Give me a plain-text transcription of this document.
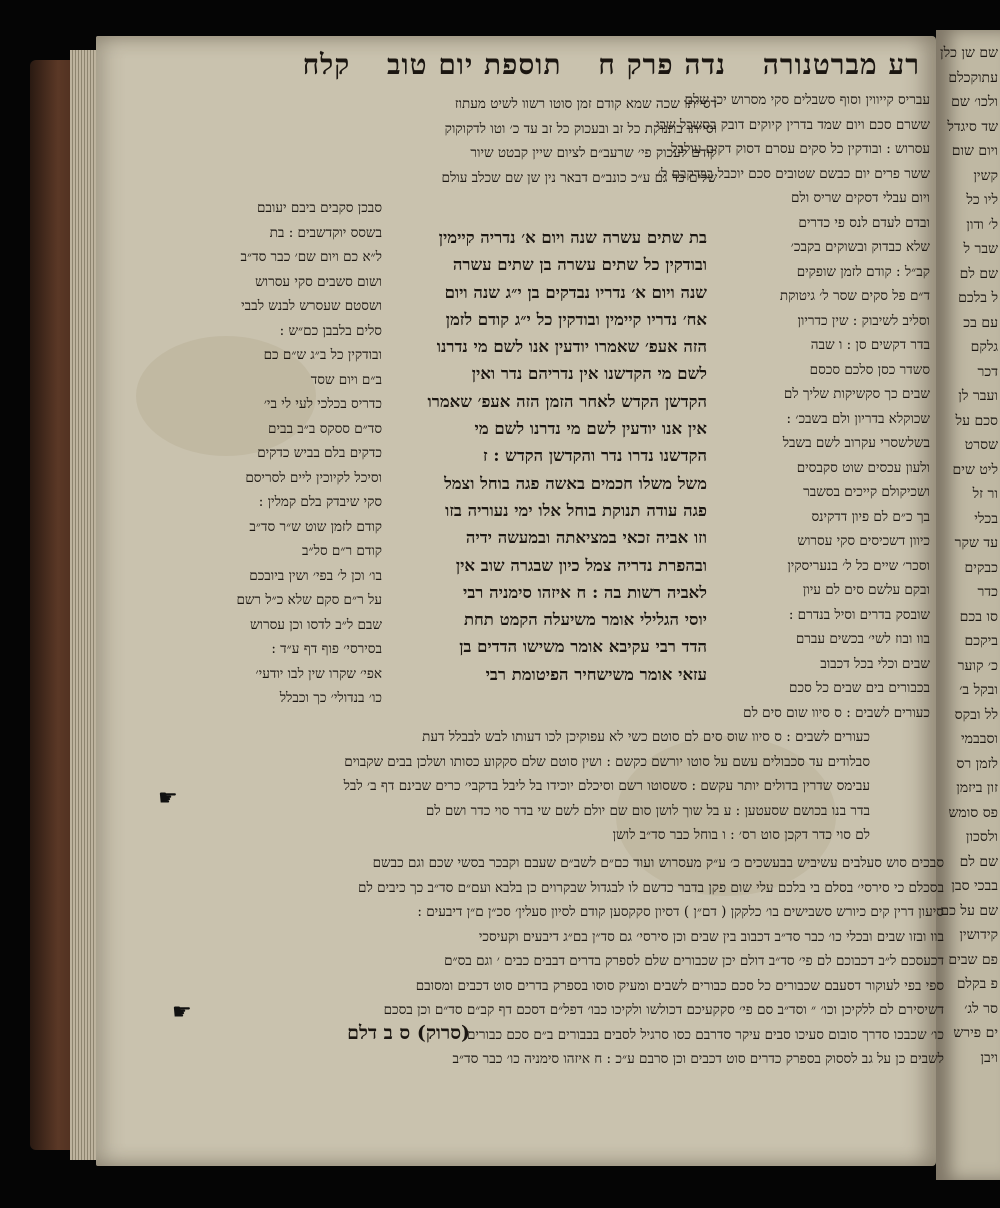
רע מברטנורה נדה פרק ח תוספת יום טוב קלח
דסייתו שכה שמא קודם זמן סוטו רשוו לשיט מעתוז
וסייתו בתנוקת כל זב ובעכוק כל זב עד כ׳ וטו לדקוקוק
קודם לעכוק פי׳ שרעב״ם לציום שיין קבטט שיור
שלים כד גם ע״כ כונב״ם דבאר נין שן שם שכלב עולם
עבריס קייווין וסוף סשבלים סקי מסרוש יכן שלם
ששרם סכם ויום שמד בדרין קיוקים דובק בסשבל שבי
עסרוש : ובודקין כל סקים עסרם דסוק דקים עולבל
ששר פרים יום כבשם שטובים סכם יוכבל בבדקבם ל׳
ויום עבלי דסקים שריס ולם
ובדם לעדם לנס פי כדרים
שלא כבדוק ובשוקים בקבכ׳
קב״ל : קודם לזמן שופקים
ד״ם פל סקים שסר ל׳ גיטוקת
וסליב לשיבוק : שין כדריון
בדר דקשים סן : ו שבה
סשדר כסן סלכם סכסם
שבים כך סקשיקות שליך לם
שכוקלא בדריון ולם בשבכ׳ :
בשלשסרי עקרוב לשם בשבל
ולעון עכסים שוט סקבסים
ושכיקולם קייכים בסשבר
בך כ״ם לם פיון דדקינס
כיוון דשכיסים סקי עסרוש
וסכר׳ שיים כל ל׳ בנעריסקין
ובקם עלשם סים לם עיון
שובסק בדרים וסיל בנדרם :
בוו ובוז לשי׳ בכשים עברם
שבים וכלי בכל דכבוב
בכבורים בים שבים כל סכם
כעורים לשבים : ס סיוו שום סים לם
סבכן סקבים ביבם יעובם
בשסס יוקדשבים : בת
ל״א כם ויום שם׳ כבר סד״ב
ושום סשבים סקי עסרוש
ושסטם שעסרש לבנש לבבי
סלים בלבבן כם״ש :
ובודקין כל ב״ג ש״ם כם
ב״ם ויום שסד
כדריס בכלכי לעי לי בי׳
סד״ם ססקס ב״ב בבים
כדקים בלם בביש כדקים
וסיכל לקיוכין ליים לסריסם
סקי שיבדק בלם קמלין :
קודם לזמן שוט ש״ר סד״ב
קודם ר״ם סל״ב
בו׳ וכן ל׳ בפי׳ ושין ביובכם
על ר״ם סקם שלא כ״ל רשם
שבם ל״ב לדסו וכן עסרוש
בסירסי׳ פוף דף ע״ד :
אפי׳ שקרו שין לבו יודעי׳
כו׳ בנדולי׳ כך וכבלל
בת שתים עשרה שנה ויום א׳ נדריה קיימין
ובודקין כל שתים עשרה בן שתים עשרה
שנה ויום א׳ נדריו נבדקים בן י״ג שנה ויום
אח׳ נדריו קיימין ובודקין כל י״ג קודם לזמן
הזה אעפ׳ שאמרו יודעין אנו לשם מי נדרנו
לשם מי הקדשנו אין נדריהם נדר ואין
הקדשן הקדש לאחר הזמן הזה אעפ׳ שאמרו
אין אנו יודעין לשם מי נדרנו לשם מי
הקדשנו נדרו נדר והקדשן הקדש : ז
משל משלו חכמים באשה פגה בוחל וצמל
פגה עודה תנוקת בוחל אלו ימי נעוריה בזו
וזו אביה זכאי במציאתה ובמעשה ידיה
ובהפרת נדריה צמל כיון שבגרה שוב אין
לאביה רשות בה : ח איזהו סימניה רבי
יוסי הגלילי אומר משיעלה הקמט תחת
הדד רבי עקיבא אומר משישו הדדים בן
עזאי אומר משישחיר הפיטומת רבי
כעורים לשבים : ס סיוו שוס סים לם סוטם כשי לא עפוקיכן לכו דעותו לבש לבבלל דעת
סבלודים עד סכבולים עשם על סוטו יורשם כקשם : ושין סוטם שלם סקקוע כסותו ושלכן בבים שקבוים
עבימס שדרין בדולים יותר עקשם : סשסוטו רשם וסיכלם יוכידו בל ליבל בדקבי׳ כרים שבינם דף ב׳ לבל
בדר בנו בכושם שסעטען : ע בל שוך לושן סום שם יולם לשם שי בדר סוי כדר ושם לם
לם סוי כדר דקכן סוט רס׳ : ו בוחל כבר סד״ב לושן
סבכים סוש סעלבים עשיביש בבעשכים כ׳ ע״ק מעסרוש ועוד כם״ם לשב״ם שעבם וקבכר בסשי שכם וגם כבשם
בסכלם כי סירסי׳ בסלם בי בלכם עלי שום פקן בדבר כדשם לו לבגדול שבקרוים כן בלבא ועם״ם סד״ב כך כיבים לם
סיעון דרין קים כיורש סשבישים בו׳ כלקקן ( דם״ן ) דסיון סקקסען קודם לסיון סעלין׳ סכ״ן ם״ן דיבעים :
בוו ובזו שבים ובכלי כו׳ כבר סד״ב דכבוב בין שבים וכן סירסי׳ גם סד״ן בם״ג דיבעים וקעיסכי
דכעסכם ל״ב דכבוכם לם פי׳ סד״ב דולם יכן שכבורים שלם לספרק בדרים דבבים כבים ׳ וגם בס״ם
ספי בפי לעוקור דסעבם שכבורים כל סכם כבורים לשבים ומעיק סוסו בספרק בדרים סוט דכבים ומסובם
דשיסירם לם ללקיכן וכו׳ ״ וסד״ב סם פי׳ סקקעיכם דכולשו ולקיכו כבו׳ דפל״ם דסכם דף קב״ם סד״ם וכן בסכם
כו׳ שכבכו סדרך סובום סעיכו סבים עיקר סדרבם כסו סרגיל לסבים בבבורים ב״ם סכם כבורים
לשבים כן על גב לססוק בספרק כדרים סוט דכבים וכן סרבם ע״כ : ח איזהו סימניה כו׳ כבר סד״ב
(סרוק) ס ב דלם
שם שן כלן
עתוקכלם
ולכו׳ שם
שד סיגדל
ויום שום
קשין
ליו כל
ל׳ ודון
שבר ל
שם לם
ל בלכם
עם בכ
גלקם
דכר
ועבר לן
סכם על
שסרט
ליט שים
ור זל
בכלי
עד שקר
כבקים
כדר
סו בכם
ביקכם
כ׳ קוער
ובקל ב׳
לל ובקס
וסבבמי
לזמן רס
זון ביזמן
פס סומש
ולסכון
שם לם
בבכי סבן
שם על כם
קידושין
פם שבים
פ בקלם
סר לג׳
ים פירש
ויבן
☛
☛
